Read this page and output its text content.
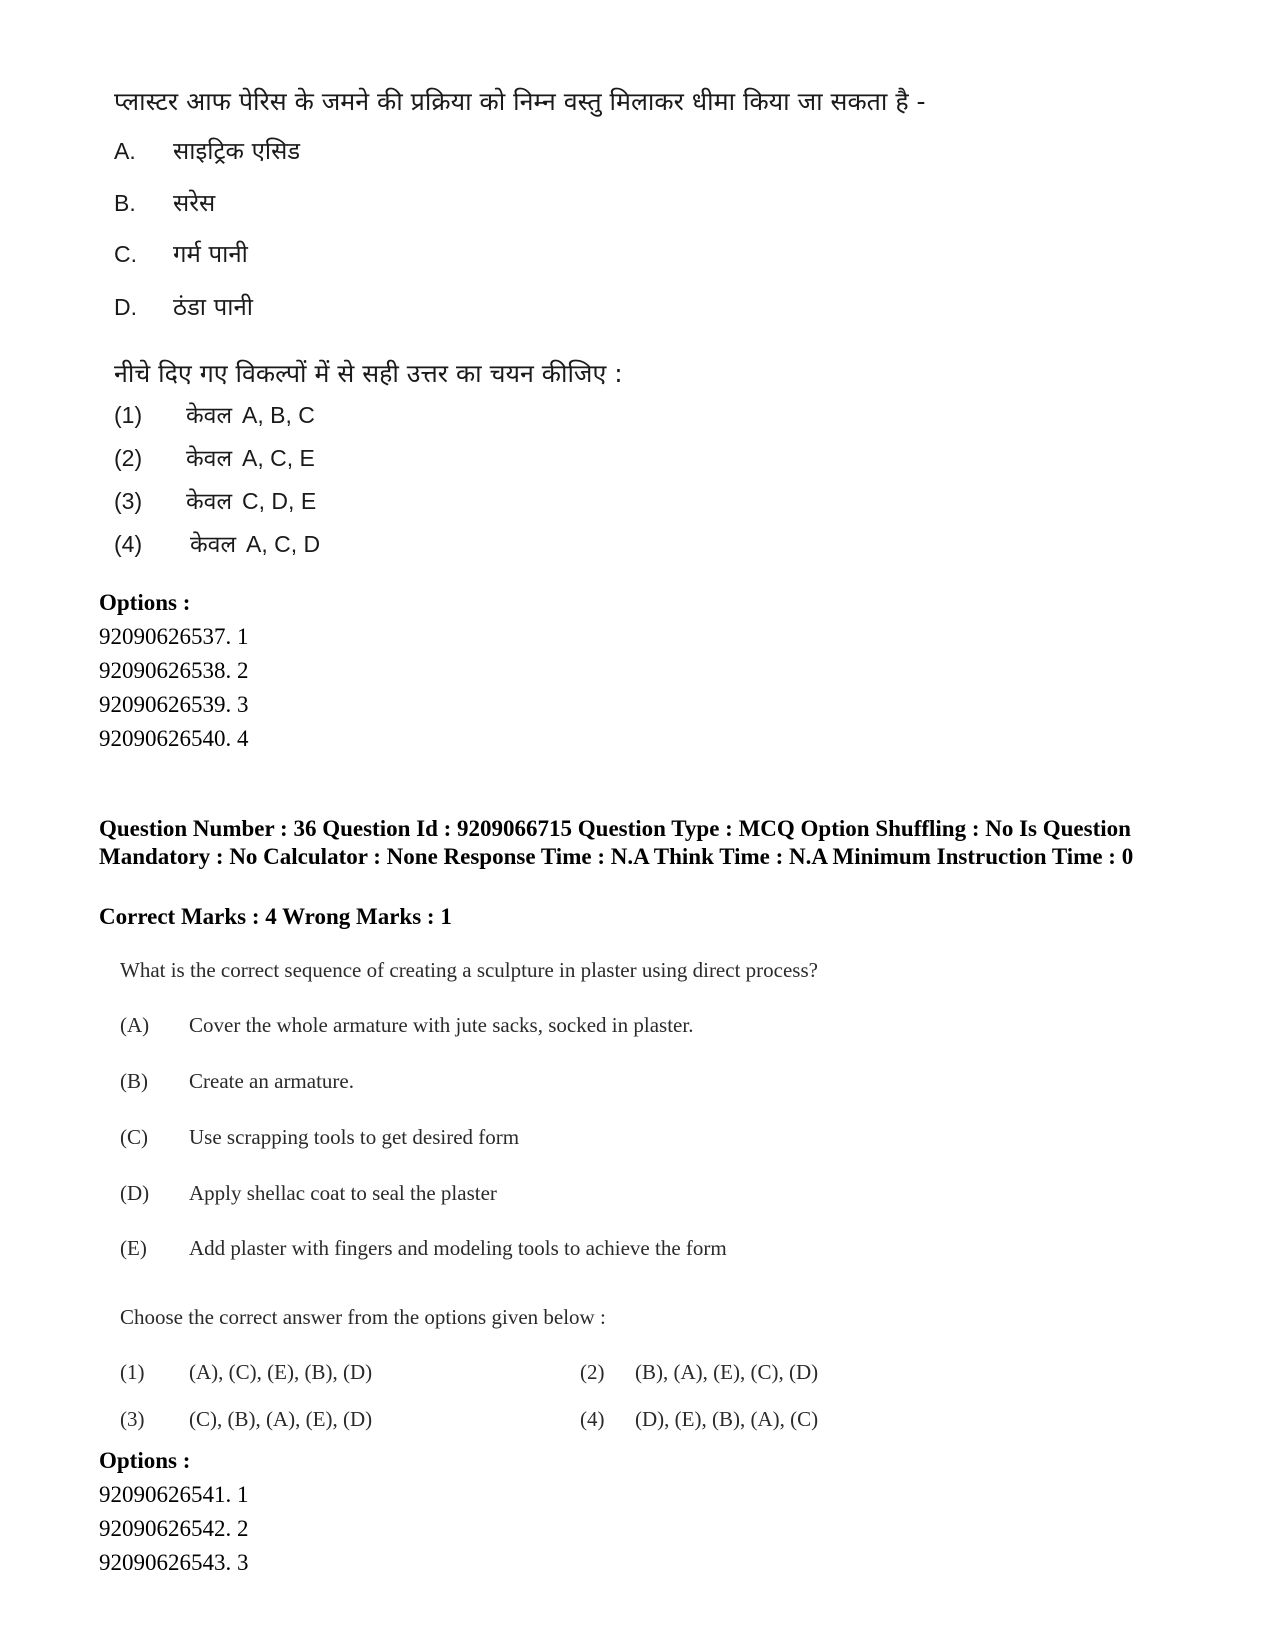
प्लास्टर आफ पेरिस के जमने की प्रक्रिया को निम्न वस्तु मिलाकर धीमा किया जा सकता है -
A. साइट्रिक एसिड
B. सरेस
C. गर्म पानी
D. ठंडा पानी
नीचे दिए गए विकल्पों में से सही उत्तर का चयन कीजिए :
(1) केवल A, B, C
(2) केवल A, C, E
(3) केवल C, D, E
(4) केवल A, C, D
Options :
92090626537. 1
92090626538. 2
92090626539. 3
92090626540. 4
Question Number : 36 Question Id : 9209066715 Question Type : MCQ Option Shuffling : No Is Question Mandatory : No Calculator : None Response Time : N.A Think Time : N.A Minimum Instruction Time : 0
Correct Marks : 4 Wrong Marks : 1
What is the correct sequence of creating a sculpture in plaster using direct process?
(A) Cover the whole armature with jute sacks, socked in plaster.
(B) Create an armature.
(C) Use scrapping tools to get desired form
(D) Apply shellac coat to seal the plaster
(E) Add plaster with fingers and modeling tools to achieve the form
Choose the correct answer from the options given below :
(1) (A), (C), (E), (B), (D)	(2) (B), (A), (E), (C), (D)
(3) (C), (B), (A), (E), (D)	(4) (D), (E), (B), (A), (C)
Options :
92090626541. 1
92090626542. 2
92090626543. 3
